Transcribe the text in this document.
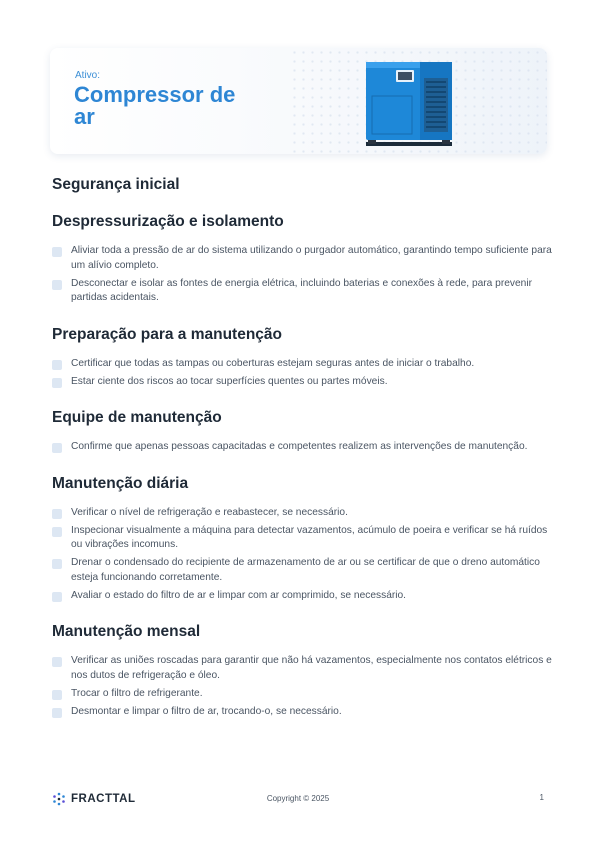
Ativo:
Compressor de ar
Segurança inicial
Despressurização e isolamento
Aliviar toda a pressão de ar do sistema utilizando o purgador automático, garantindo tempo suficiente para um alívio completo.
Desconectar e isolar as fontes de energia elétrica, incluindo baterias e conexões à rede, para prevenir partidas acidentais.
Preparação para a manutenção
Certificar que todas as tampas ou coberturas estejam seguras antes de iniciar o trabalho.
Estar ciente dos riscos ao tocar superfícies quentes ou partes móveis.
Equipe de manutenção
Confirme que apenas pessoas capacitadas e competentes realizem as intervenções de manutenção.
Manutenção diária
Verificar o nível de refrigeração e reabastecer, se necessário.
Inspecionar visualmente a máquina para detectar vazamentos, acúmulo de poeira e verificar se há ruídos ou vibrações incomuns.
Drenar o condensado do recipiente de armazenamento de ar ou se certificar de que o dreno automático esteja funcionando corretamente.
Avaliar o estado do filtro de ar e limpar com ar comprimido, se necessário.
Manutenção mensal
Verificar as uniões roscadas para garantir que não há vazamentos, especialmente nos contatos elétricos e nos dutos de refrigeração e óleo.
Trocar o filtro de refrigerante.
Desmontar e limpar o filtro de ar, trocando-o, se necessário.
FRACTTAL	Copyright © 2025	1
